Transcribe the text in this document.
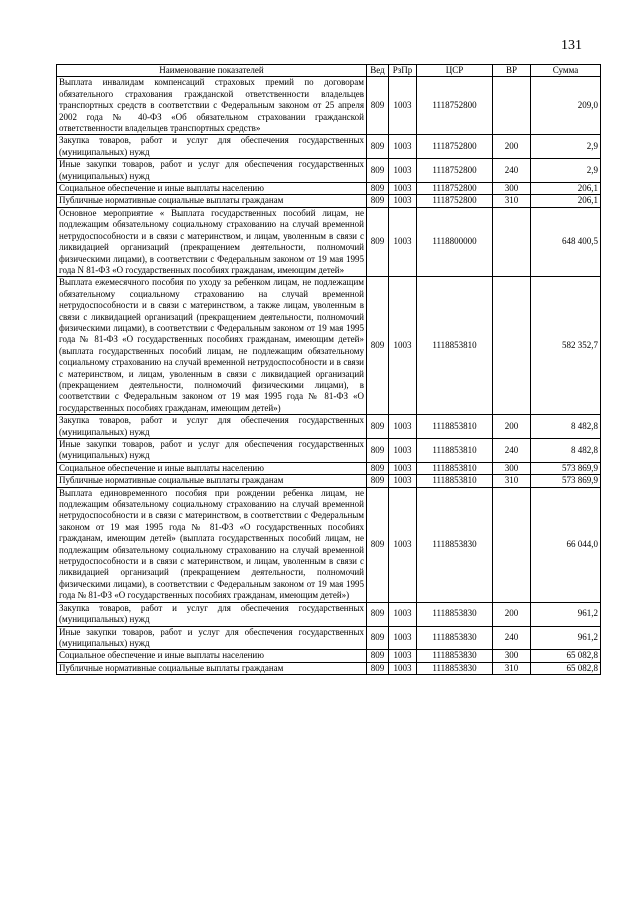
131
Наименование показателей	Вед	РзПр	ЦСР	ВР	Сумма
Выплата инвалидам компенсаций страховых премий по договорам обязательного страхования гражданской ответственности владельцев транспортных средств в соответствии с Федеральным законом от 25 апреля 2002 года № 40-ФЗ «Об обязательном страховании гражданской ответственности владельцев транспортных средств»	809	1003	1118752800		209,0
Закупка товаров, работ и услуг для обеспечения государственных (муниципальных) нужд	809	1003	1118752800	200	2,9
Иные закупки товаров, работ и услуг для обеспечения государственных (муниципальных) нужд	809	1003	1118752800	240	2,9
Социальное обеспечение и иные выплаты населению	809	1003	1118752800	300	206,1
Публичные нормативные социальные выплаты гражданам	809	1003	1118752800	310	206,1
Основное мероприятие « Выплата государственных пособий лицам, не подлежащим обязательному социальному страхованию на случай временной нетрудоспособности и в связи с материнством, и лицам, уволенным в связи с ликвидацией организаций (прекращением деятельности, полномочий физическими лицами), в соответствии с Федеральным законом от 19 мая 1995 года N 81-ФЗ «О государственных пособиях гражданам, имеющим детей»	809	1003	1118800000		648 400,5
Выплата ежемесячного пособия по уходу за ребенком лицам, не подлежащим обязательному социальному страхованию на случай временной нетрудоспособности и в связи с материнством, а также лицам, уволенным в связи с ликвидацией организаций (прекращением деятельности, полномочий физическими лицами), в соответствии с Федеральным законом от 19 мая 1995 года № 81-ФЗ «О государственных пособиях гражданам, имеющим детей» (выплата государственных пособий лицам, не подлежащим обязательному социальному страхованию на случай временной нетрудоспособности и в связи с материнством, и лицам, уволенным в связи с ликвидацией организаций (прекращением деятельности, полномочий физическими лицами), в соответствии с Федеральным законом от 19 мая 1995 года № 81-ФЗ «О государственных пособиях гражданам, имеющим детей»)	809	1003	1118853810		582 352,7
Закупка товаров, работ и услуг для обеспечения государственных (муниципальных) нужд	809	1003	1118853810	200	8 482,8
Иные закупки товаров, работ и услуг для обеспечения государственных (муниципальных) нужд	809	1003	1118853810	240	8 482,8
Социальное обеспечение и иные выплаты населению	809	1003	1118853810	300	573 869,9
Публичные нормативные социальные выплаты гражданам	809	1003	1118853810	310	573 869,9
Выплата единовременного пособия при рождении ребенка лицам, не подлежащим обязательному социальному страхованию на случай временной нетрудоспособности и в связи с материнством, в соответствии с Федеральным законом от 19 мая 1995 года № 81-ФЗ «О государственных пособиях гражданам, имеющим детей» (выплата государственных пособий лицам, не подлежащим обязательному социальному страхованию на случай временной нетрудоспособности и в связи с материнством, и лицам, уволенным в связи с ликвидацией организаций (прекращением деятельности, полномочий физическими лицами), в соответствии с Федеральным законом от 19 мая 1995 года № 81-ФЗ «О государственных пособиях гражданам, имеющим детей»)	809	1003	1118853830		66 044,0
Закупка товаров, работ и услуг для обеспечения государственных (муниципальных) нужд	809	1003	1118853830	200	961,2
Иные закупки товаров, работ и услуг для обеспечения государственных (муниципальных) нужд	809	1003	1118853830	240	961,2
Социальное обеспечение и иные выплаты населению	809	1003	1118853830	300	65 082,8
Публичные нормативные социальные выплаты гражданам	809	1003	1118853830	310	65 082,8
